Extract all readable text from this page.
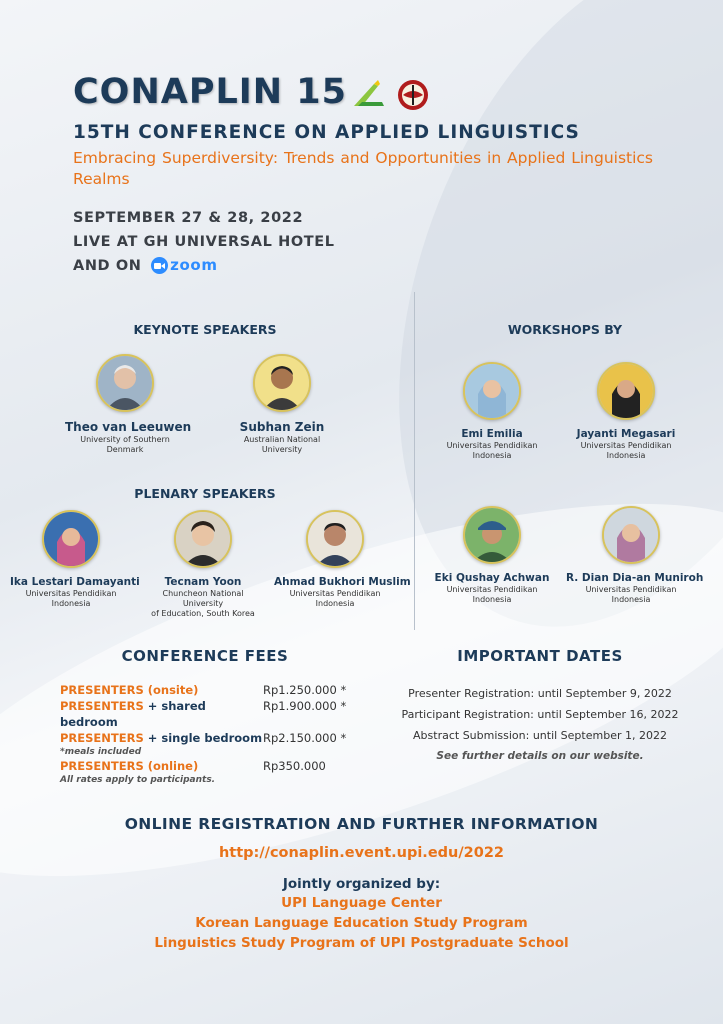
CONAPLIN 15
15TH CONFERENCE ON APPLIED LINGUISTICS
Embracing Superdiversity: Trends and Opportunities in Applied Linguistics Realms
SEPTEMBER 27 & 28, 2022
LIVE AT GH UNIVERSAL HOTEL
AND ON zoom
KEYNOTE SPEAKERS
Theo van Leeuwen
University of Southern
Denmark
Subhan Zein
Australian National
University
PLENARY SPEAKERS
Ika Lestari Damayanti
Universitas Pendidikan
Indonesia
Tecnam Yoon
Chuncheon National University
of Education, South Korea
Ahmad Bukhori Muslim
Universitas Pendidikan
Indonesia
WORKSHOPS BY
Emi Emilia
Universitas Pendidikan
Indonesia
Jayanti Megasari
Universitas Pendidikan
Indonesia
Eki Qushay Achwan
Universitas Pendidikan
Indonesia
R. Dian Dia-an Muniroh
Universitas Pendidikan
Indonesia
CONFERENCE FEES
PRESENTERS (onsite)	Rp1.250.000 *
PRESENTERS + shared bedroom
Rp1.900.000 *
PRESENTERS + single bedroom Rp2.150.000 *
*meals included
PRESENTERS (online)	Rp350.000
All rates apply to participants.
IMPORTANT DATES
Presenter Registration: until September 9, 2022
Participant Registration: until September 16, 2022
Abstract Submission: until September 1, 2022
See further details on our website.
ONLINE REGISTRATION AND FURTHER INFORMATION
http://conaplin.event.upi.edu/2022
Jointly organized by:
UPI Language Center
Korean Language Education Study Program
Linguistics Study Program of UPI Postgraduate School
